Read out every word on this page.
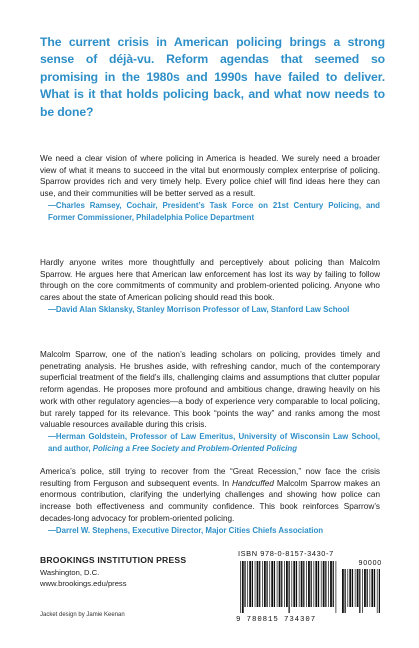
The current crisis in American policing brings a strong sense of déjà-vu. Reform agendas that seemed so promising in the 1980s and 1990s have failed to deliver. What is it that holds policing back, and what now needs to be done?

We need a clear vision of where policing in America is headed. We surely need a broader view of what it means to succeed in the vital but enormously complex enterprise of policing. Sparrow provides rich and very timely help. Every police chief will find ideas here they can use, and their communities will be better served as a result.

—Charles Ramsey, Cochair, President’s Task Force on 21st Century Policing, and Former Commissioner, Philadelphia Police Department

Hardly anyone writes more thoughtfully and perceptively about policing than Malcolm Sparrow. He argues here that American law enforcement has lost its way by failing to follow through on the core commitments of community and problem-oriented policing. Anyone who cares about the state of American policing should read this book.

—David Alan Sklansky, Stanley Morrison Professor of Law, Stanford Law School

Malcolm Sparrow, one of the nation’s leading scholars on policing, provides timely and penetrating analysis. He brushes aside, with refreshing candor, much of the contemporary superficial treatment of the field’s ills, challenging claims and assumptions that clutter popular reform agendas. He proposes more profound and ambitious change, drawing heavily on his work with other regulatory agencies—a body of experience very comparable to local policing, but rarely tapped for its relevance. This book “points the way” and ranks among the most valuable resources available during this crisis.

—Herman Goldstein, Professor of Law Emeritus, University of Wisconsin Law School, and author, Policing a Free Society and Problem-Oriented Policing

America’s police, still trying to recover from the “Great Recession,” now face the crisis resulting from Ferguson and subsequent events. In Handcuffed Malcolm Sparrow makes an enormous contribution, clarifying the underlying challenges and showing how police can increase both effectiveness and community confidence. This book reinforces Sparrow’s decades-long advocacy for problem-oriented policing.

—Darrel W. Stephens, Executive Director, Major Cities Chiefs Association

BROOKINGS INSTITUTION PRESS
Washington, D.C.
www.brookings.edu/press
Jacket design by Jamie Keenan
ISBN 978-0-8157-3430-7
90000
9 780815 734307
